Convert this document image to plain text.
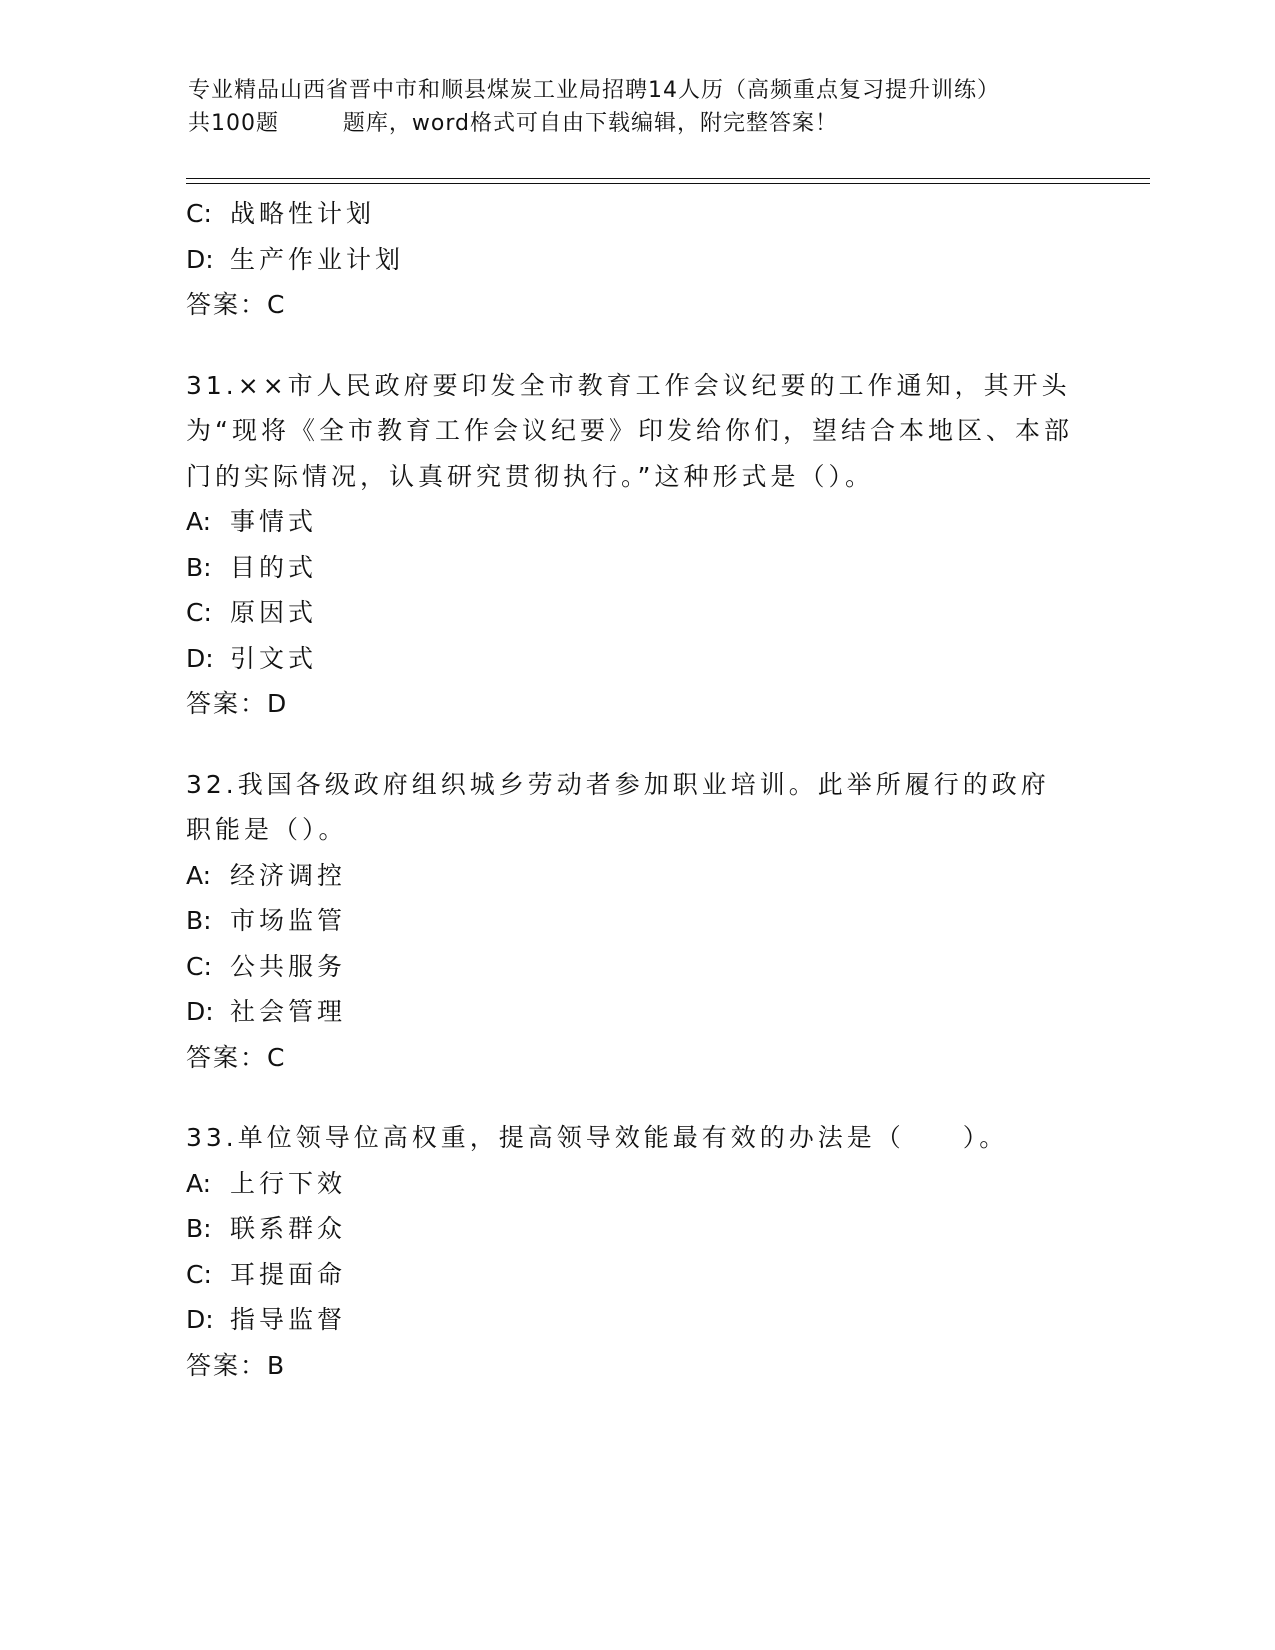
专业精品山西省晋中市和顺县煤炭工业局招聘14人历（高频重点复习提升训练）
共100题        题库，word格式可自由下载编辑，附完整答案！
C: 战略性计划
D: 生产作业计划
答案：C
31.××市人民政府要印发全市教育工作会议纪要的工作通知，其开头为“现将《全市教育工作会议纪要》印发给你们，望结合本地区、本部门的实际情况，认真研究贯彻执行。”这种形式是（）。
A: 事情式
B: 目的式
C: 原因式
D: 引文式
答案：D
32.我国各级政府组织城乡劳动者参加职业培训。此举所履行的政府职能是（）。
A: 经济调控
B: 市场监管
C: 公共服务
D: 社会管理
答案：C
33.单位领导位高权重，提高领导效能最有效的办法是（　　）。
A: 上行下效
B: 联系群众
C: 耳提面命
D: 指导监督
答案：B
